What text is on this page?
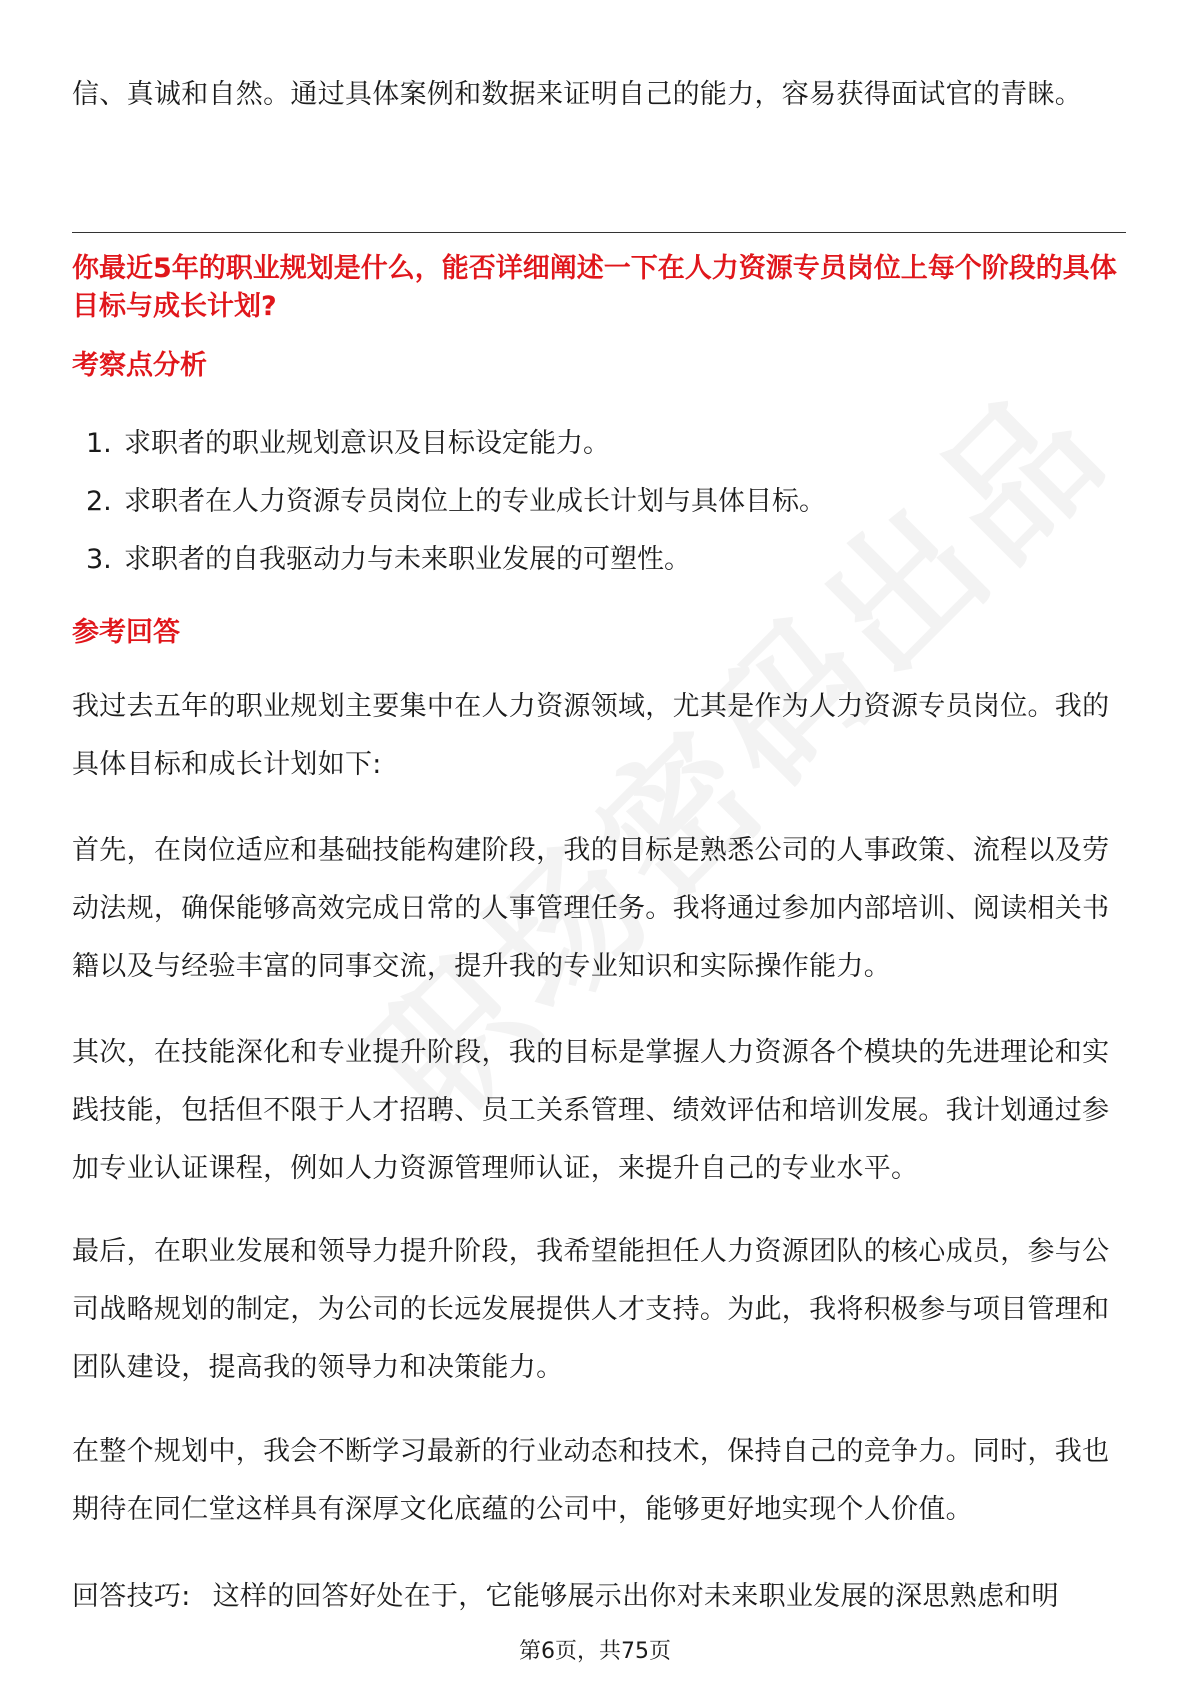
信、真诚和自然。通过具体案例和数据来证明自己的能力，容易获得面试官的青睐。

你最近5年的职业规划是什么，能否详细阐述一下在人力资源专员岗位上每个阶段的具体目标与成长计划?

考察点分析

1. 求职者的职业规划意识及目标设定能力。
2. 求职者在人力资源专员岗位上的专业成长计划与具体目标。
3. 求职者的自我驱动力与未来职业发展的可塑性。

参考回答

我过去五年的职业规划主要集中在人力资源领域，尤其是作为人力资源专员岗位。我的具体目标和成长计划如下:

首先，在岗位适应和基础技能构建阶段，我的目标是熟悉公司的人事政策、流程以及劳动法规，确保能够高效完成日常的人事管理任务。我将通过参加内部培训、阅读相关书籍以及与经验丰富的同事交流，提升我的专业知识和实际操作能力。

其次，在技能深化和专业提升阶段，我的目标是掌握人力资源各个模块的先进理论和实践技能，包括但不限于人才招聘、员工关系管理、绩效评估和培训发展。我计划通过参加专业认证课程，例如人力资源管理师认证，来提升自己的专业水平。

最后，在职业发展和领导力提升阶段，我希望能担任人力资源团队的核心成员，参与公司战略规划的制定，为公司的长远发展提供人才支持。为此，我将积极参与项目管理和团队建设，提高我的领导力和决策能力。

在整个规划中，我会不断学习最新的行业动态和技术，保持自己的竞争力。同时，我也期待在同仁堂这样具有深厚文化底蕴的公司中，能够更好地实现个人价值。

回答技巧: 这样的回答好处在于，它能够展示出你对未来职业发展的深思熟虑和明

第6页，共75页
